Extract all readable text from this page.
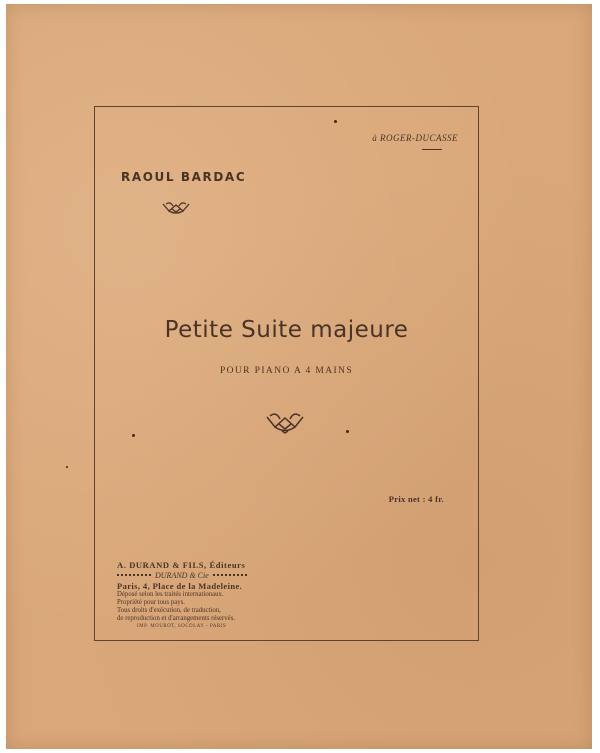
à ROGER-DUCASSE
RAOUL BARDAC
Petite Suite majeure
POUR PIANO A 4 MAINS
Prix net : 4 fr.
A. DURAND & FILS, Éditeurs
DURAND & Cie
Paris, 4, Place de la Madeleine.
Déposé selon les traités internationaux.
Propriété pour tous pays.
Tous droits d'exécution, de traduction,
de reproduction et d'arrangements réservés.
IMP. MOUROT, SOCOLAY - PARIS
